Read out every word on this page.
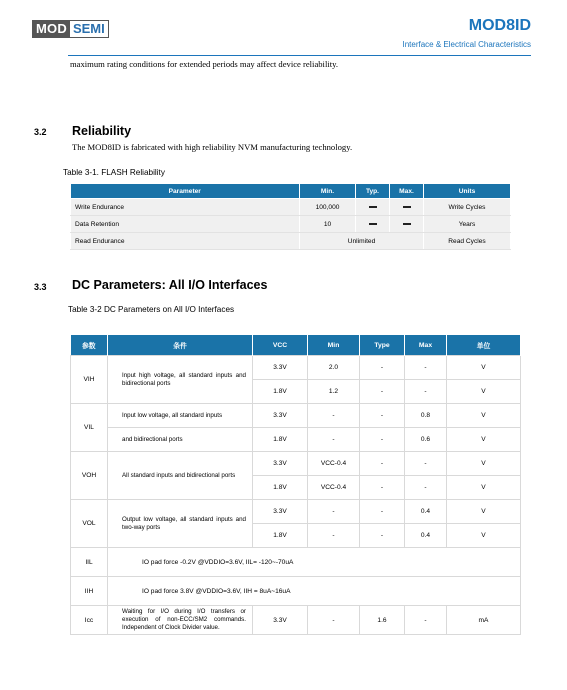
MOD SEMI	MOD8ID
Interface & Electrical Characteristics
maximum rating conditions for extended periods may affect device reliability.
3.2 Reliability
The MOD8ID is fabricated with high reliability NVM manufacturing technology.
Table 3-1. FLASH Reliability
Parameter	Min.	Typ.	Max.	Units
Write Endurance	100,000			Write Cycles
Data Retention	10			Years
Read Endurance	Unlimited			Read Cycles
3.3 DC Parameters: All I/O Interfaces
Table 3-2 DC Parameters on All I/O Interfaces
参数	条件	VCC	Min	Type	Max	单位
VIH	Input high voltage, all standard inputs and bidirectional ports	3.3V	2.0	-	-	V
		1.8V	1.2	-	-	V
VIL	Input low voltage, all standard inputs	3.3V	-	-	0.8	V
	and bidirectional ports	1.8V	-	-	0.6	V
VOH	All standard inputs and bidirectional ports	3.3V	VCC-0.4	-	-	V
		1.8V	VCC-0.4	-	-	V
VOL	Output low voltage, all standard inputs and two-way ports	3.3V	-	-	0.4	V
		1.8V	-	-	0.4	V
IIL	IO pad force -0.2V @VDDIO=3.6V, IIL= -120~-70uA					
IIH	IO pad force 3.8V @VDDIO=3.6V, IIH = 8uA~16uA					
Icc	Waiting for I/O during I/O transfers or execution of non-ECC/SM2 commands. Independent of Clock Divider value.	3.3V	-	1.6	-	mA
